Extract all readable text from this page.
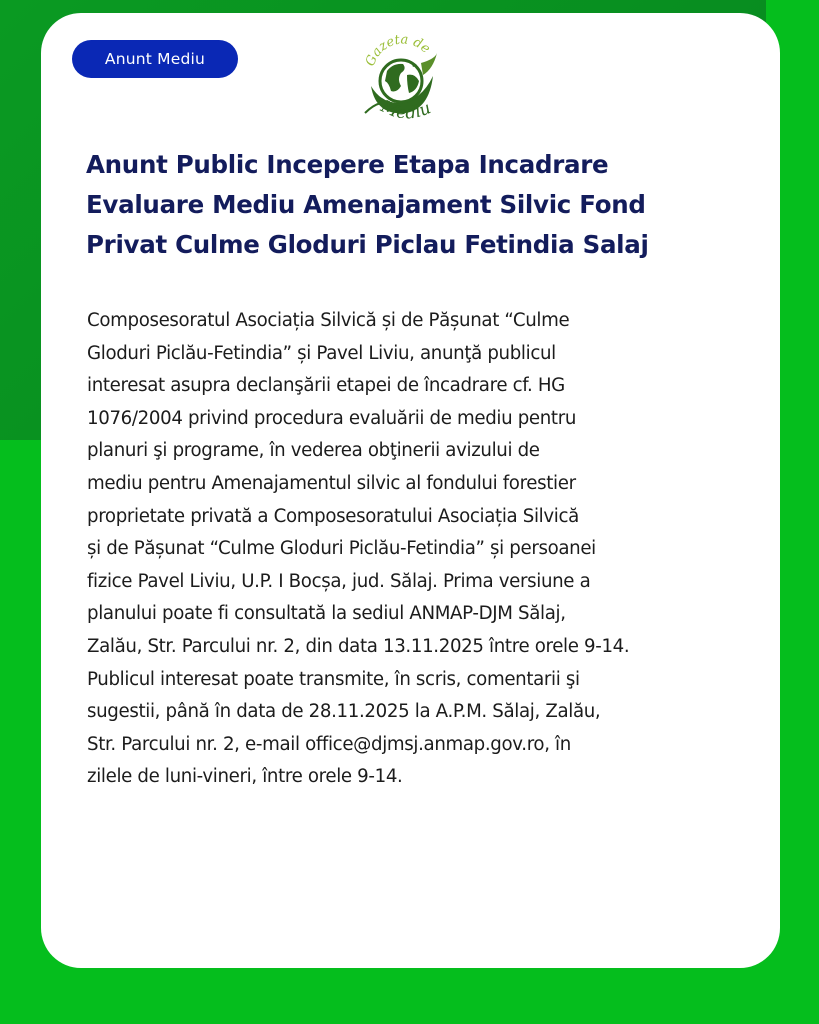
Anunt Mediu	Gazeta de
Mediu
Anunt Public Incepere Etapa Incadrare
Evaluare Mediu Amenajament Silvic Fond
Privat Culme Gloduri Piclau Fetindia Salaj
Composesoratul Asociația Silvică și de Pășunat “Culme
Gloduri Piclău-Fetindia” și Pavel Liviu, anunţă publicul
interesat asupra declanşării etapei de încadrare cf. HG
1076/2004 privind procedura evaluării de mediu pentru
planuri şi programe, în vederea obţinerii avizului de
mediu pentru Amenajamentul silvic al fondului forestier
proprietate privată a Composesoratului Asociația Silvică
și de Pășunat “Culme Gloduri Piclău-Fetindia” și persoanei
fizice Pavel Liviu, U.P. I Bocșa, jud. Sălaj. Prima versiune a
planului poate fi consultată la sediul ANMAP-DJM Sălaj,
Zalău, Str. Parcului nr. 2, din data 13.11.2025 între orele 9-14.
Publicul interesat poate transmite, în scris, comentarii şi
sugestii, până în data de 28.11.2025 la A.P.M. Sălaj, Zalău,
Str. Parcului nr. 2, e-mail office@djmsj.anmap.gov.ro, în
zilele de luni-vineri, între orele 9-14.
